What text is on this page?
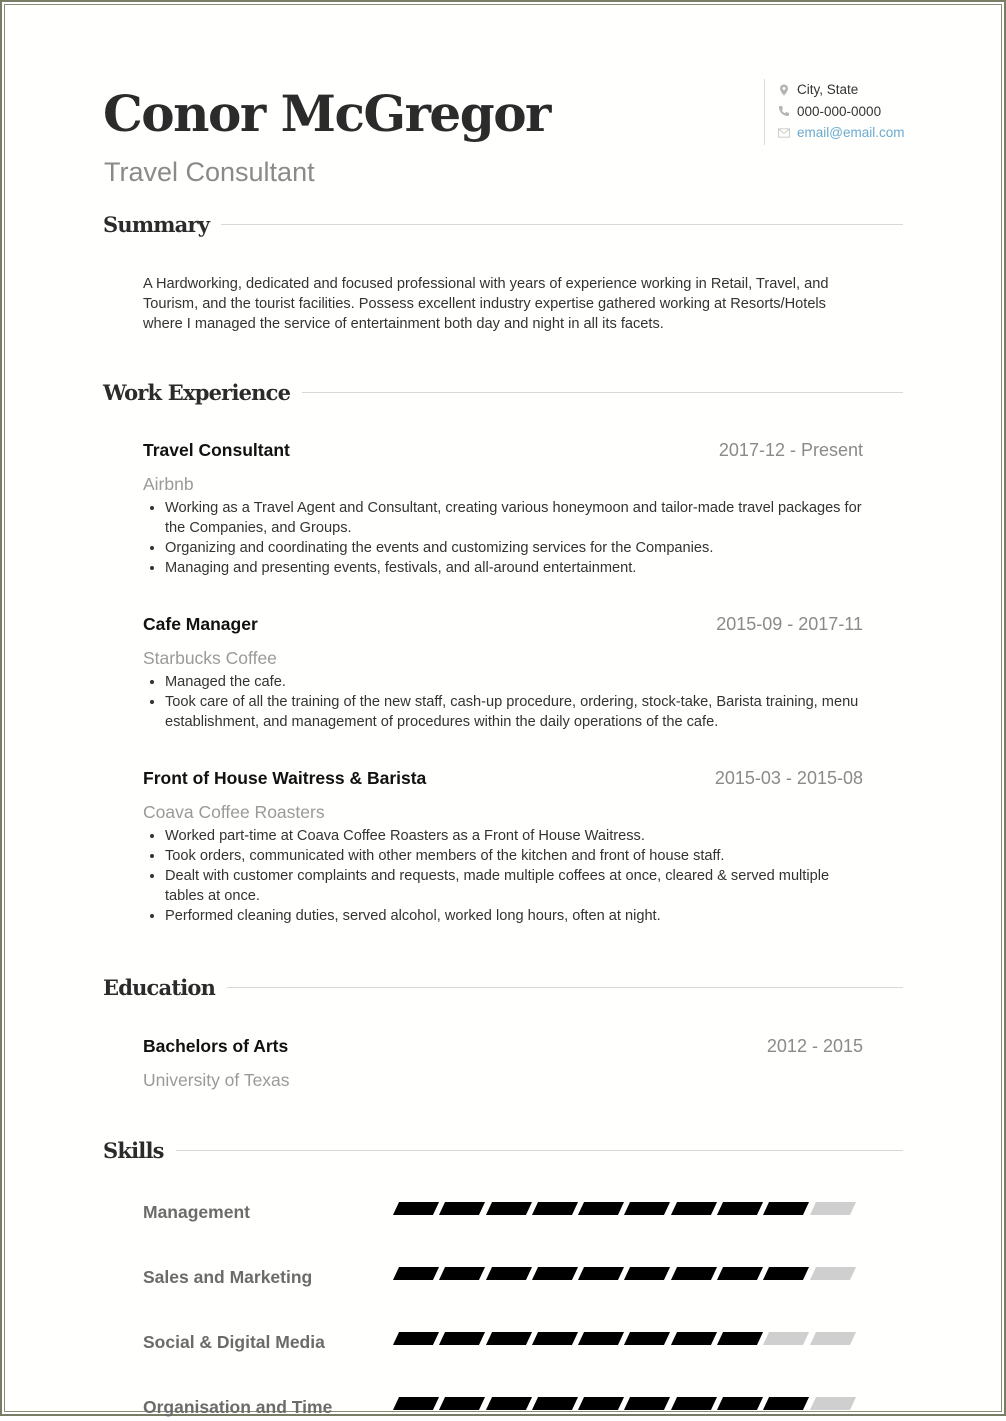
Conor McGregor
Travel Consultant
City, State
000-000-0000
email@email.com
Summary
A Hardworking, dedicated and focused professional with years of experience working in Retail, Travel, and Tourism, and the tourist facilities. Possess excellent industry expertise gathered working at Resorts/Hotels where I managed the service of entertainment both day and night in all its facets.
Work Experience
Travel Consultant	2017-12 - Present
Airbnb
• Working as a Travel Agent and Consultant, creating various honeymoon and tailor-made travel packages for the Companies, and Groups.
• Organizing and coordinating the events and customizing services for the Companies.
• Managing and presenting events, festivals, and all-around entertainment.
Cafe Manager	2015-09 - 2017-11
Starbucks Coffee
• Managed the cafe.
• Took care of all the training of the new staff, cash-up procedure, ordering, stock-take, Barista training, menu establishment, and management of procedures within the daily operations of the cafe.
Front of House Waitress & Barista	2015-03 - 2015-08
Coava Coffee Roasters
• Worked part-time at Coava Coffee Roasters as a Front of House Waitress.
• Took orders, communicated with other members of the kitchen and front of house staff.
• Dealt with customer complaints and requests, made multiple coffees at once, cleared & served multiple tables at once.
• Performed cleaning duties, served alcohol, worked long hours, often at night.
Education
Bachelors of Arts	2012 - 2015
University of Texas
Skills
Management
Sales and Marketing
Social & Digital Media
Organisation and Time
